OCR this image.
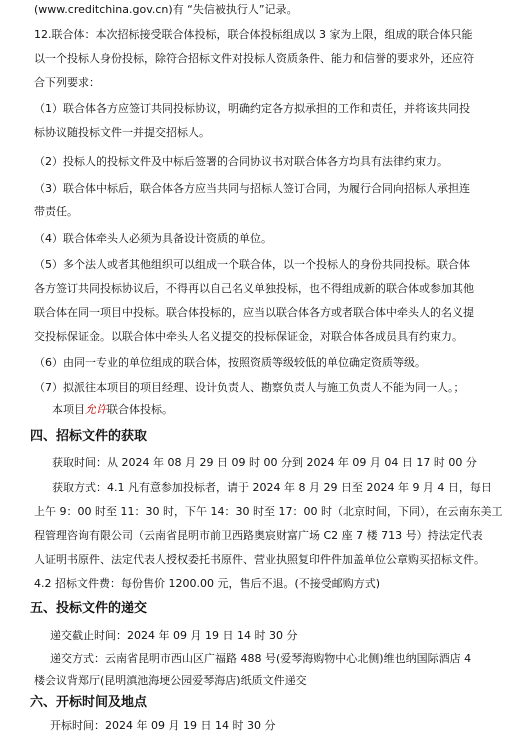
(www.creditchina.gov.cn)有 “失信被执行人”记录。
12.联合体：本次招标接受联合体投标，联合体投标组成以 3 家为上限，组成的联合体只能
以一个投标人身份投标，除符合招标文件对投标人资质条件、能力和信誉的要求外，还应符
合下列要求：
（1）联合体各方应签订共同投标协议，明确约定各方拟承担的工作和责任，并将该共同投
标协议随投标文件一并提交招标人。
（2）投标人的投标文件及中标后签署的合同协议书对联合体各方均具有法律约束力。
（3）联合体中标后，联合体各方应当共同与招标人签订合同，为履行合同向招标人承担连
带责任。
（4）联合体牵头人必须为具备设计资质的单位。
（5）多个法人或者其他组织可以组成一个联合体，以一个投标人的身份共同投标。联合体
各方签订共同投标协议后，不得再以自己名义单独投标，也不得组成新的联合体或参加其他
联合体在同一项目中投标。联合体投标的，应当以联合体各方或者联合体中牵头人的名义提
交投标保证金。以联合体中牵头人名义提交的投标保证金，对联合体各成员具有约束力。
（6）由同一专业的单位组成的联合体，按照资质等级较低的单位确定资质等级。
（7）拟派往本项目的项目经理、设计负责人、勘察负责人与施工负责人不能为同一人。；
本项目允许联合体投标。
四、招标文件的获取
获取时间：从 2024 年 08 月 29 日 09 时 00 分到 2024 年 09 月 04 日 17 时 00 分
获取方式：4.1 凡有意参加投标者，请于 2024 年 8 月 29 日至 2024 年 9 月 4 日，每日
上午 9：00 时至 11：30 时，下午 14：30 时至 17：00 时（北京时间，下同），在云南东美工
程管理咨询有限公司（云南省昆明市前卫西路奥宸财富广场 C2 座 7 楼 713 号）持法定代表
人证明书原件、法定代表人授权委托书原件、营业执照复印件件加盖单位公章购买招标文件。
4.2 招标文件费：每份售价 1200.00 元，售后不退。(不接受邮购方式)
五、投标文件的递交
递交截止时间：2024 年 09 月 19 日 14 时 30 分
递交方式：云南省昆明市西山区广福路 488 号(爱琴海购物中心北侧)维也纳国际酒店 4
楼会议背郑厅(昆明滇池海埂公园爱琴海店)纸质文件递交
六、开标时间及地点
开标时间：2024 年 09 月 19 日 14 时 30 分
